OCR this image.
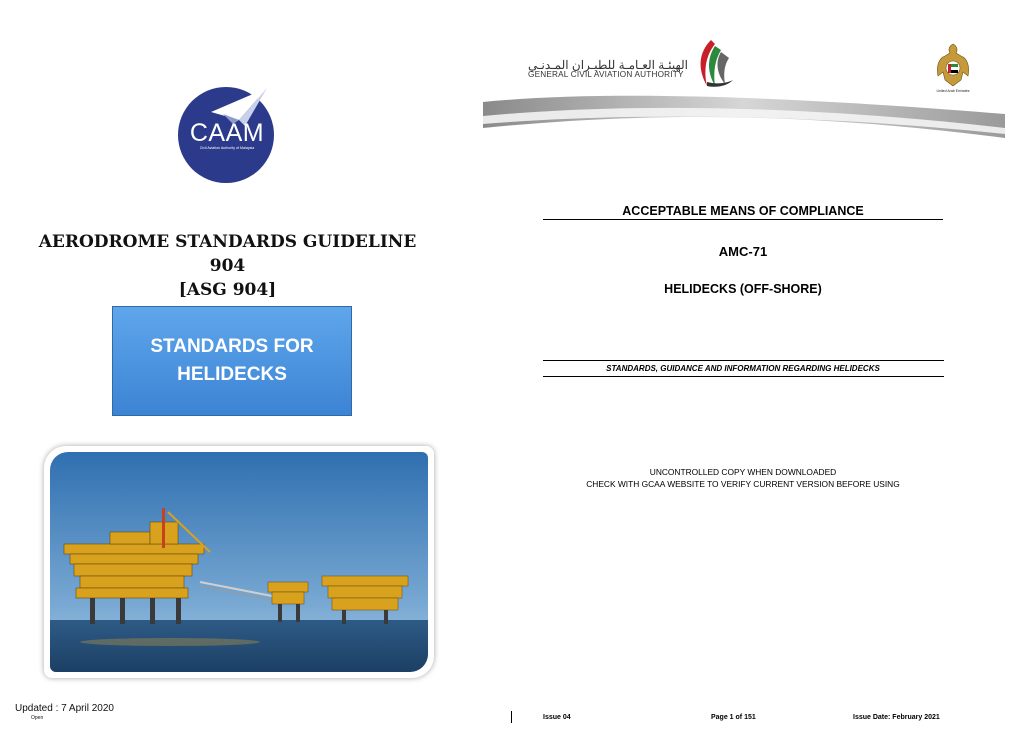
CAAM
Civil Aviation Authority of Malaysia
AERODROME STANDARDS GUIDELINE 904
[ASG 904]
STANDARDS FOR
HELIDECKS
Updated : 7 April 2020
Open
الهيئـة العـامـة للطيـران المـدنـي
GENERAL CIVIL AVIATION AUTHORITY
United Arab Emirates
ACCEPTABLE MEANS OF COMPLIANCE
AMC-71
HELIDECKS (OFF-SHORE)
STANDARDS, GUIDANCE AND INFORMATION REGARDING HELIDECKS
UNCONTROLLED COPY WHEN DOWNLOADED
CHECK WITH GCAA WEBSITE TO VERIFY CURRENT VERSION BEFORE USING
Issue 04	Page 1 of 151	Issue Date: February 2021
